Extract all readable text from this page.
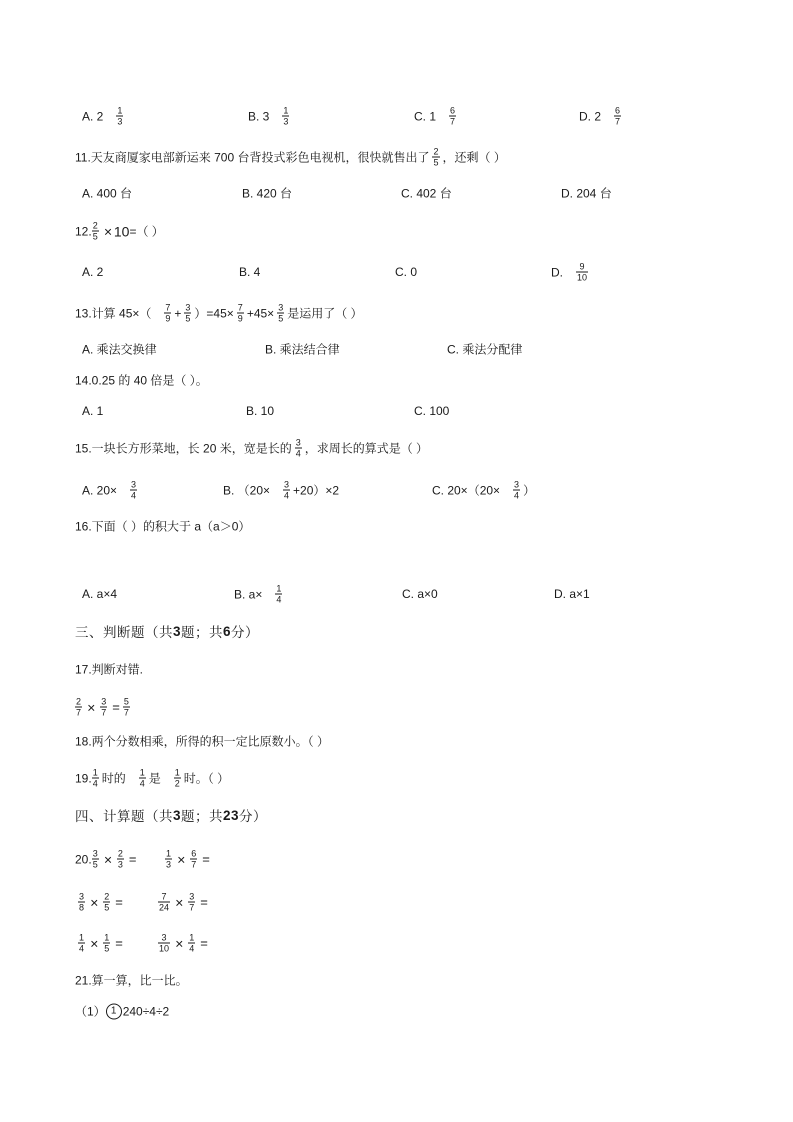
A. 2 1
3	B. 3 1
3	C. 1 6
7	D. 2 6
7
11.天友商厦家电部新运来 700 台背投式彩色电视机，很快就售出了 2
5 ，还剩（ ）
A. 400 台	B. 420 台	C. 402 台	D. 204 台
12. 2
5 × 10 =（ ）
A. 2	B. 4	C. 0	D. 9
10
13.计算 45×（ 7
9 + 3
5 ）=45× 7
9 +45× 3
5 是运用了（ ）
A. 乘法交换律	B. 乘法结合律	C. 乘法分配律
14.0.25 的 40 倍是（ ）。
A. 1	B. 10	C. 100
15.一块长方形菜地，长 20 米，宽是长的 3
4 ，求周长的算式是（ ）
A. 20× 3
4	B. （20× 3
4 +20）×2	C. 20×（20× 3
4 ）
16.下面（ ）的积大于 a（a＞0）
A. a×4	B. a× 1
4	C. a×0	D. a×1
三、判断题（共 3 题；共 6 分）
17.判断对错.
2
7 × 3
7 = 5
7
18.两个分数相乘，所得的积一定比原数小。（ ）
19. 1
4 时的 1
4 是 1
2 时。（ ）
四、计算题（共 3 题；共 23 分）
20. 3
5 × 2
3 =	1
3 × 6
7 =
3
8 × 2
5 =	7
24 × 3
7 =
1
4 × 1
5 =	3
10 × 1
4 =
21.算一算，比一比。
（1） 1 240÷4÷2
